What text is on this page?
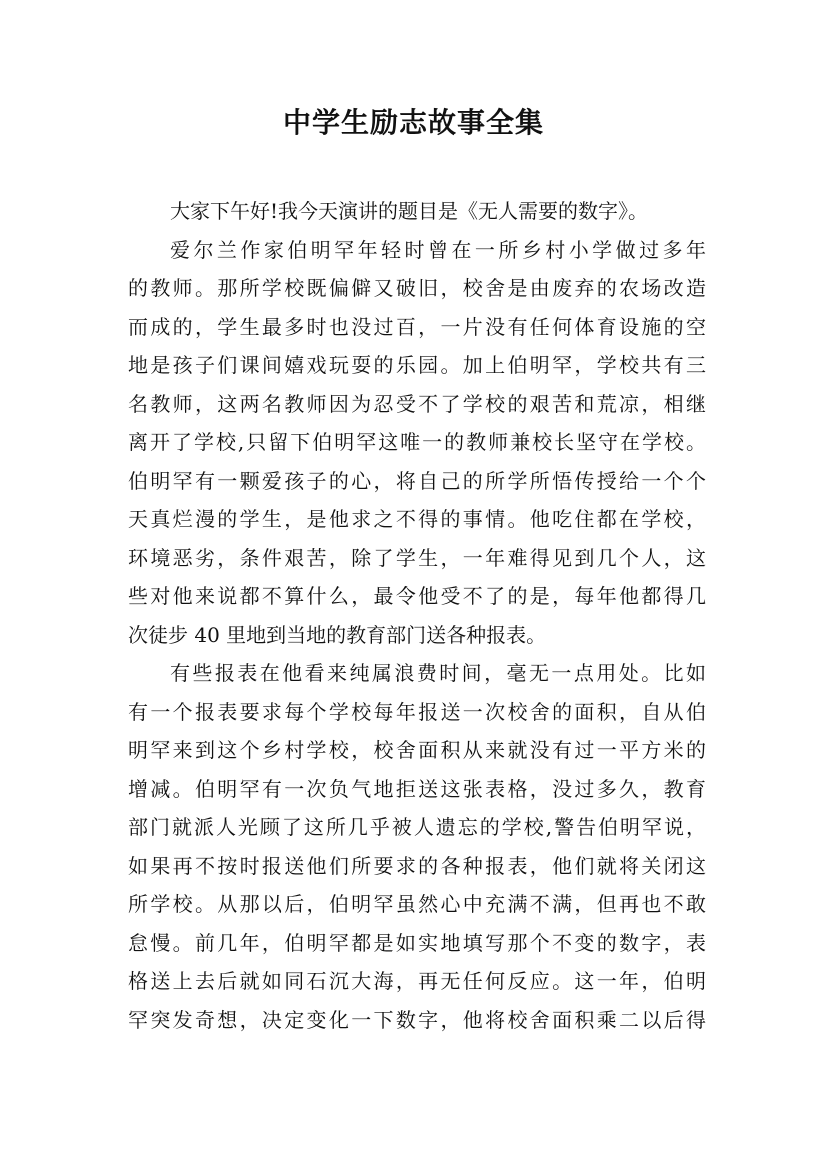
中学生励志故事全集
大家下午好!我今天演讲的题目是《无人需要的数字》。
爱尔兰作家伯明罕年轻时曾在一所乡村小学做过多年
的教师。那所学校既偏僻又破旧，校舍是由废弃的农场改造
而成的，学生最多时也没过百，一片没有任何体育设施的空
地是孩子们课间嬉戏玩耍的乐园。加上伯明罕，学校共有三
名教师，这两名教师因为忍受不了学校的艰苦和荒凉，相继
离开了学校,只留下伯明罕这唯一的教师兼校长坚守在学校。
伯明罕有一颗爱孩子的心，将自己的所学所悟传授给一个个
天真烂漫的学生，是他求之不得的事情。他吃住都在学校，
环境恶劣，条件艰苦，除了学生，一年难得见到几个人，这
些对他来说都不算什么，最令他受不了的是，每年他都得几
次徒步 40 里地到当地的教育部门送各种报表。
有些报表在他看来纯属浪费时间，毫无一点用处。比如
有一个报表要求每个学校每年报送一次校舍的面积，自从伯
明罕来到这个乡村学校，校舍面积从来就没有过一平方米的
增减。伯明罕有一次负气地拒送这张表格，没过多久，教育
部门就派人光顾了这所几乎被人遗忘的学校,警告伯明罕说，
如果再不按时报送他们所要求的各种报表，他们就将关闭这
所学校。从那以后，伯明罕虽然心中充满不满，但再也不敢
怠慢。前几年，伯明罕都是如实地填写那个不变的数字，表
格送上去后就如同石沉大海，再无任何反应。这一年，伯明
罕突发奇想，决定变化一下数字，他将校舍面积乘二以后得
